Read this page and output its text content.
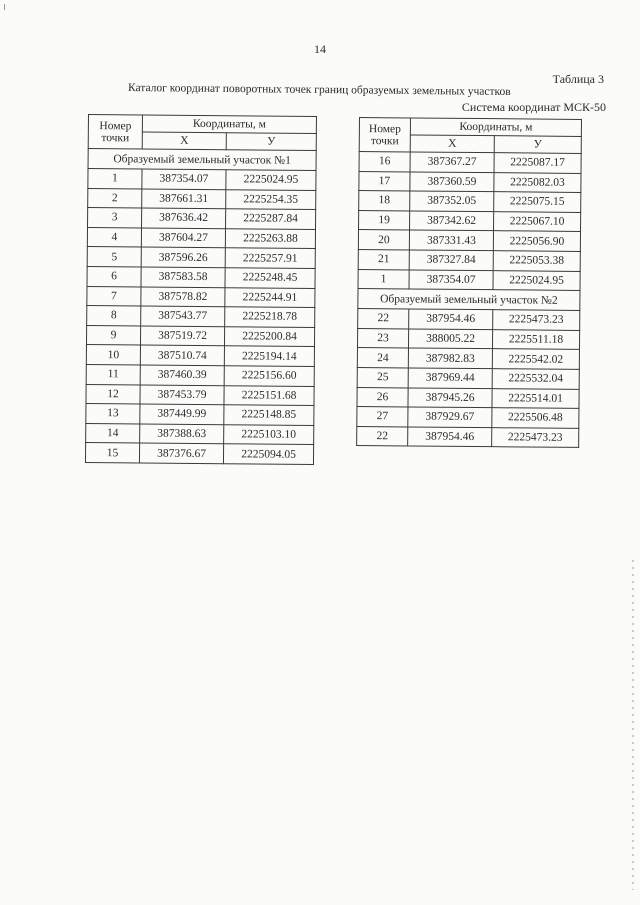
14
Таблица 3
Каталог координат поворотных точек границ образуемых земельных участков
Система координат МСК-50
Номер
точки	Координаты, м	
	X	У
Образуемый земельный участок №1		
1	387354.07	2225024.95
2	387661.31	2225254.35
3	387636.42	2225287.84
4	387604.27	2225263.88
5	387596.26	2225257.91
6	387583.58	2225248.45
7	387578.82	2225244.91
8	387543.77	2225218.78
9	387519.72	2225200.84
10	387510.74	2225194.14
11	387460.39	2225156.60
12	387453.79	2225151.68
13	387449.99	2225148.85
14	387388.63	2225103.10
15	387376.67	2225094.05
Номер
точки	Координаты, м	
	X	У
16	387367.27	2225087.17
17	387360.59	2225082.03
18	387352.05	2225075.15
19	387342.62	2225067.10
20	387331.43	2225056.90
21	387327.84	2225053.38
1	387354.07	2225024.95
Образуемый земельный участок №2		
22	387954.46	2225473.23
23	388005.22	2225511.18
24	387982.83	2225542.02
25	387969.44	2225532.04
26	387945.26	2225514.01
27	387929.67	2225506.48
22	387954.46	2225473.23
